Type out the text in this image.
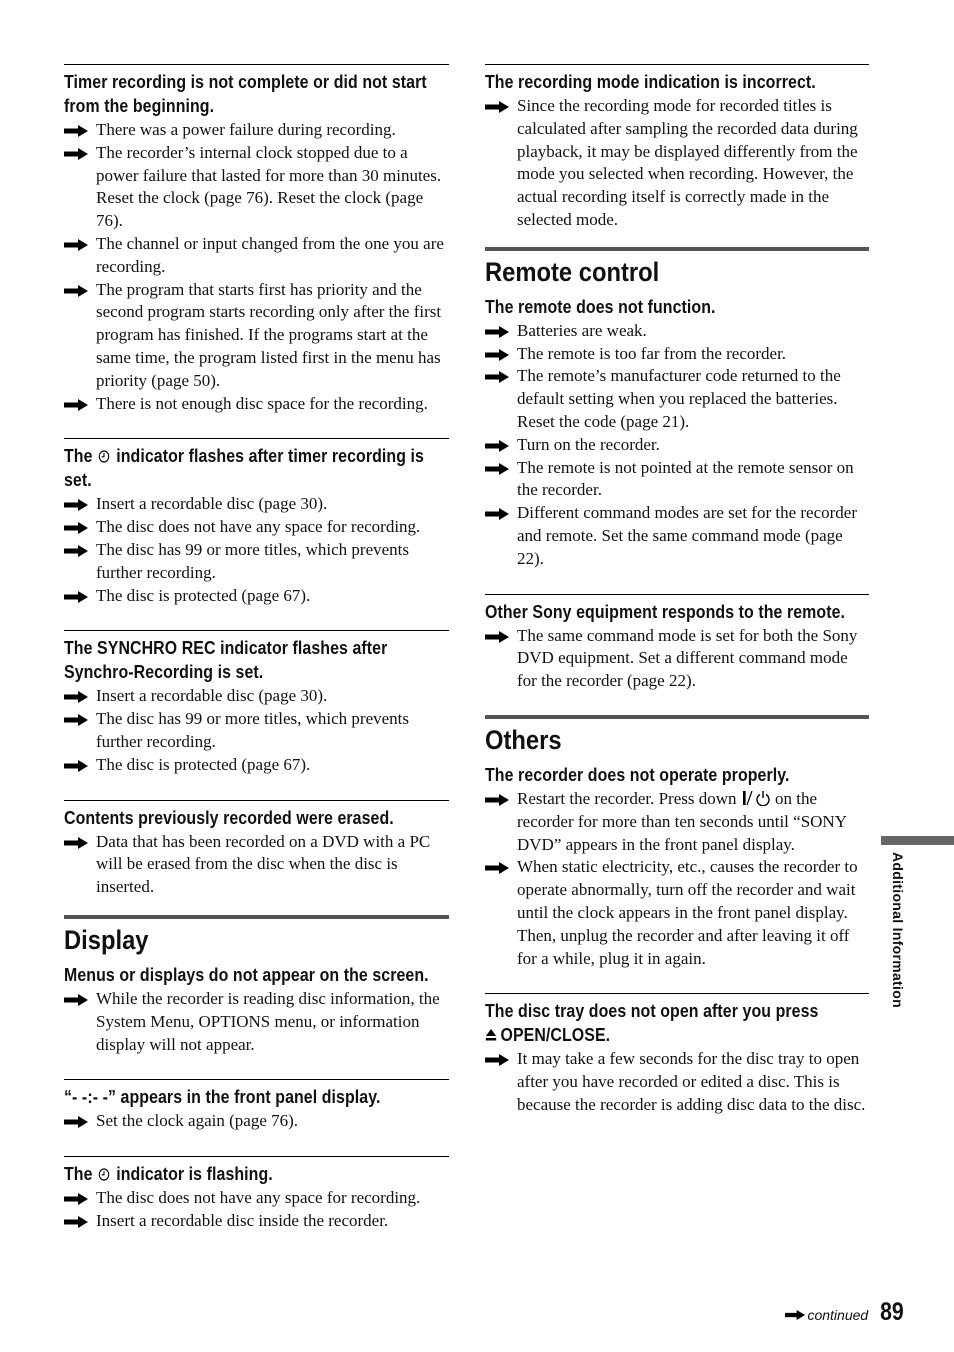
Timer recording is not complete or did not start from the beginning.
There was a power failure during recording.
The recorder’s internal clock stopped due to a power failure that lasted for more than 30 minutes. Reset the clock (page 76). Reset the clock (page 76).
The channel or input changed from the one you are recording.
The program that starts first has priority and the second program starts recording only after the first program has finished. If the programs start at the same time, the program listed first in the menu has priority (page 50).
There is not enough disc space for the recording.
The indicator flashes after timer recording is set.
Insert a recordable disc (page 30).
The disc does not have any space for recording.
The disc has 99 or more titles, which prevents further recording.
The disc is protected (page 67).
The SYNCHRO REC indicator flashes after Synchro-Recording is set.
Insert a recordable disc (page 30).
The disc has 99 or more titles, which prevents further recording.
The disc is protected (page 67).
Contents previously recorded were erased.
Data that has been recorded on a DVD with a PC will be erased from the disc when the disc is inserted.
Display
Menus or displays do not appear on the screen.
While the recorder is reading disc information, the System Menu, OPTIONS menu, or information display will not appear.
“- -:- -” appears in the front panel display.
Set the clock again (page 76).
The indicator is flashing.
The disc does not have any space for recording.
Insert a recordable disc inside the recorder.
The recording mode indication is incorrect.
Since the recording mode for recorded titles is calculated after sampling the recorded data during playback, it may be displayed differently from the mode you selected when recording. However, the actual recording itself is correctly made in the selected mode.
Remote control
The remote does not function.
Batteries are weak.
The remote is too far from the recorder.
The remote’s manufacturer code returned to the default setting when you replaced the batteries. Reset the code (page 21).
Turn on the recorder.
The remote is not pointed at the remote sensor on the recorder.
Different command modes are set for the recorder and remote. Set the same command mode (page 22).
Other Sony equipment responds to the remote.
The same command mode is set for both the Sony DVD equipment. Set a different command mode for the recorder (page 22).
Others
The recorder does not operate properly.
Restart the recorder. Press down on the recorder for more than ten seconds until “SONY DVD” appears in the front panel display.
When static electricity, etc., causes the recorder to operate abnormally, turn off the recorder and wait until the clock appears in the front panel display. Then, unplug the recorder and after leaving it off for a while, plug it in again.
The disc tray does not open after you press
OPEN/CLOSE.
It may take a few seconds for the disc tray to open after you have recorded or edited a disc. This is because the recorder is adding disc data to the disc.
Additional Information
continued 89
